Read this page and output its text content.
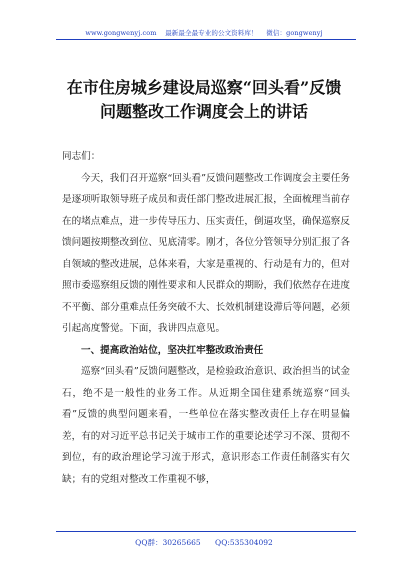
www.gongwenyj.com 最新最全最专业的公文资料库！ 微信：gongwenyj
在市住房城乡建设局巡察“回头看”反馈
问题整改工作调度会上的讲话

同志们：

今天，我们召开巡察“回头看”反馈问题整改工作调度会主要任务是逐项听取领导班子成员和责任部门整改进展汇报，全面梳理当前存在的堵点难点，进一步传导压力、压实责任，倒逼攻坚，确保巡察反馈问题按期整改到位、见底清零。刚才，各位分管领导分别汇报了各自领域的整改进展，总体来看，大家是重视的、行动是有力的，但对照市委巡察组反馈的刚性要求和人民群众的期盼，我们依然存在进度不平衡、部分重难点任务突破不大、长效机制建设滞后等问题，必须引起高度警觉。下面，我讲四点意见。

一、提高政治站位，坚决扛牢整改政治责任

巡察“回头看”反馈问题整改，是检验政治意识、政治担当的试金石，绝不是一般性的业务工作。从近期全国住建系统巡察“回头看”反馈的典型问题来看，一些单位在落实整改责任上存在明显偏差，有的对习近平总书记关于城市工作的重要论述学习不深、贯彻不到位，有的政治理论学习流于形式，意识形态工作责任制落实有欠缺；有的党组对整改工作重视不够，

QQ群：30265665 QQ:535304092
